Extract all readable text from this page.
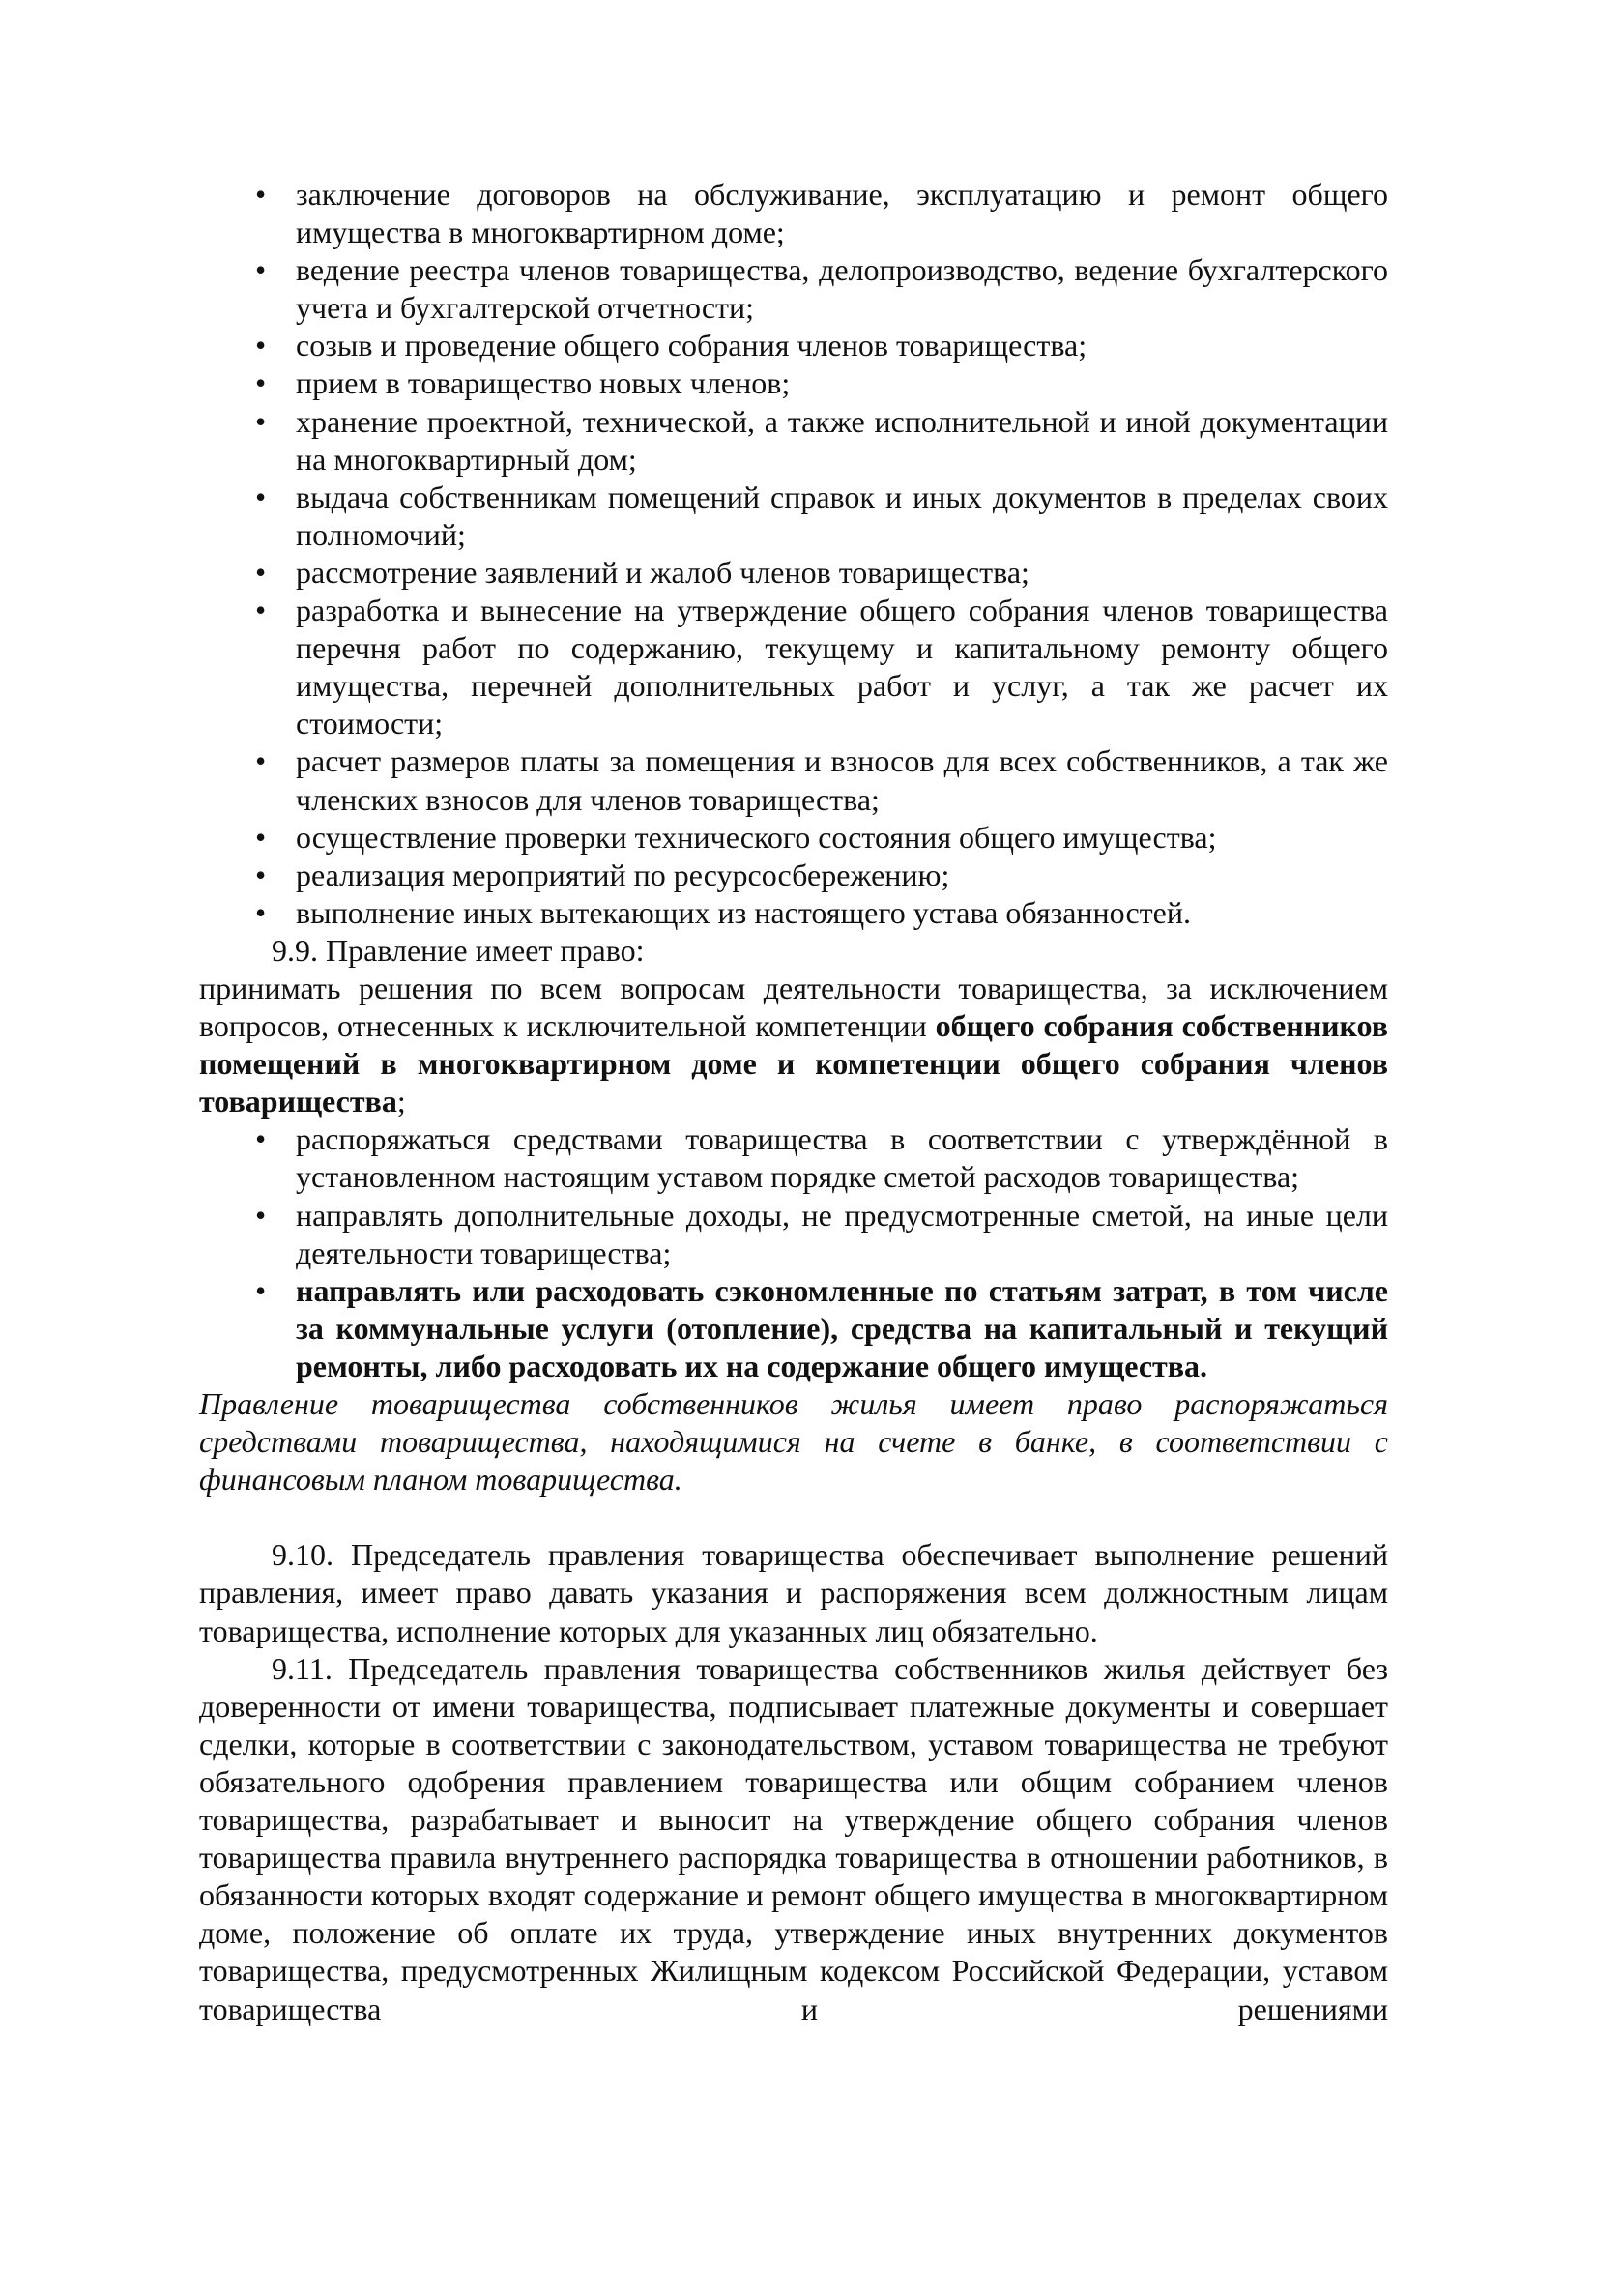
• заключение договоров на обслуживание, эксплуатацию и ремонт общего имущества в многоквартирном доме;
• ведение реестра членов товарищества, делопроизводство, ведение бухгалтерского учета и бухгалтерской отчетности;
• созыв и проведение общего собрания членов товарищества;
• прием в товарищество новых членов;
• хранение проектной, технической, а также исполнительной и иной документации на многоквартирный дом;
• выдача собственникам помещений справок и иных документов в пределах своих полномочий;
• рассмотрение заявлений и жалоб членов товарищества;
• разработка и вынесение на утверждение общего собрания членов товарищества перечня работ по содержанию, текущему и капитальному ремонту общего имущества, перечней дополнительных работ и услуг, а так же расчет их стоимости;
• расчет размеров платы за помещения и взносов для всех собственников, а так же членских взносов для членов товарищества;
• осуществление проверки технического состояния общего имущества;
• реализация мероприятий по ресурсосбережению;
• выполнение иных вытекающих из настоящего устава обязанностей.

9.9. Правление имеет право:

принимать решения по всем вопросам деятельности товарищества, за исключением вопросов, отнесенных к исключительной компетенции общего собрания собственников помещений в многоквартирном доме и компетенции общего собрания членов товарищества;

• распоряжаться средствами товарищества в соответствии с утверждённой в установленном настоящим уставом порядке сметой расходов товарищества;
• направлять дополнительные доходы, не предусмотренные сметой, на иные цели деятельности товарищества;
• направлять или расходовать сэкономленные по статьям затрат, в том числе за коммунальные услуги (отопление), средства на капитальный и текущий ремонты, либо расходовать их на содержание общего имущества.

Правление товарищества собственников жилья имеет право распоряжаться средствами товарищества, находящимися на счете в банке, в соответствии с финансовым планом товарищества.

9.10. Председатель правления товарищества обеспечивает выполнение решений правления, имеет право давать указания и распоряжения всем должностным лицам товарищества, исполнение которых для указанных лиц обязательно.

9.11. Председатель правления товарищества собственников жилья действует без доверенности от имени товарищества, подписывает платежные документы и совершает сделки, которые в соответствии с законодательством, уставом товарищества не требуют обязательного одобрения правлением товарищества или общим собранием членов товарищества, разрабатывает и выносит на утверждение общего собрания членов товарищества правила внутреннего распорядка товарищества в отношении работников, в обязанности которых входят содержание и ремонт общего имущества в многоквартирном доме, положение об оплате их труда, утверждение иных внутренних документов товарищества, предусмотренных Жилищным кодексом Российской Федерации, уставом товарищества и решениями
